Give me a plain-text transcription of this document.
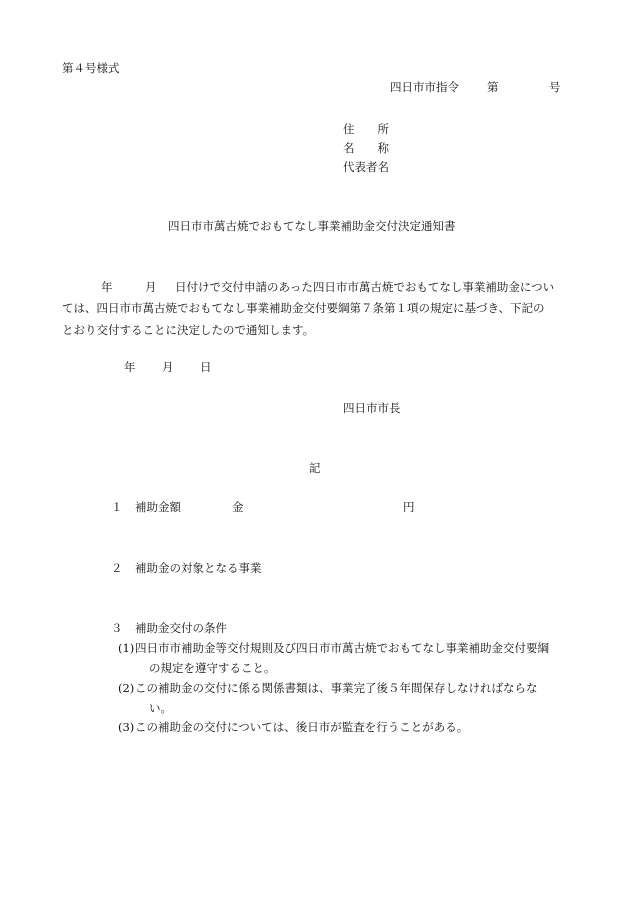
第４号様式
四日市市指令 第	号
住　　所
名　　称
代表者名
四日市市萬古焼でおもてなし事業補助金交付決定通知書
年	月 日付けで交付申請のあった四日市市萬古焼でおもてなし事業補助金につい
ては、四日市市萬古焼でおもてなし事業補助金交付要綱第７条第１項の規定に基づき、下記の
とおり交付することに決定したので通知します。
年 月 日
四日市市長
記
１ 補助金額	金	円
２ 補助金の対象となる事業
３ 補助金交付の条件
(1) 四日市市補助金等交付規則及び四日市市萬古焼でおもてなし事業補助金交付要綱
の規定を遵守すること。
(2) この補助金の交付に係る関係書類は、事業完了後５年間保存しなければならな
い。
(3) この補助金の交付については、後日市が監査を行うことがある。
